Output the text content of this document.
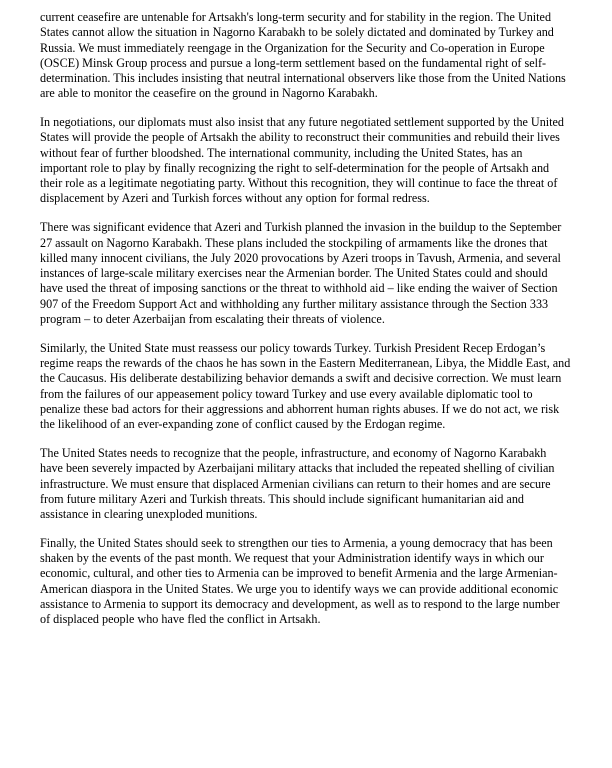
current ceasefire are untenable for Artsakh's long-term security and for stability in the region. The United States cannot allow the situation in Nagorno Karabakh to be solely dictated and dominated by Turkey and Russia. We must immediately reengage in the Organization for the Security and Co-operation in Europe (OSCE) Minsk Group process and pursue a long-term settlement based on the fundamental right of self-determination. This includes insisting that neutral international observers like those from the United Nations are able to monitor the ceasefire on the ground in Nagorno Karabakh.

In negotiations, our diplomats must also insist that any future negotiated settlement supported by the United States will provide the people of Artsakh the ability to reconstruct their communities and rebuild their lives without fear of further bloodshed. The international community, including the United States, has an important role to play by finally recognizing the right to self-determination for the people of Artsakh and their role as a legitimate negotiating party. Without this recognition, they will continue to face the threat of displacement by Azeri and Turkish forces without any option for formal redress.

There was significant evidence that Azeri and Turkish planned the invasion in the buildup to the September 27 assault on Nagorno Karabakh. These plans included the stockpiling of armaments like the drones that killed many innocent civilians, the July 2020 provocations by Azeri troops in Tavush, Armenia, and several instances of large-scale military exercises near the Armenian border. The United States could and should have used the threat of imposing sanctions or the threat to withhold aid – like ending the waiver of Section 907 of the Freedom Support Act and withholding any further military assistance through the Section 333 program – to deter Azerbaijan from escalating their threats of violence.

Similarly, the United State must reassess our policy towards Turkey. Turkish President Recep Erdogan’s regime reaps the rewards of the chaos he has sown in the Eastern Mediterranean, Libya, the Middle East, and the Caucasus. His deliberate destabilizing behavior demands a swift and decisive correction. We must learn from the failures of our appeasement policy toward Turkey and use every available diplomatic tool to penalize these bad actors for their aggressions and abhorrent human rights abuses. If we do not act, we risk the likelihood of an ever-expanding zone of conflict caused by the Erdogan regime.

The United States needs to recognize that the people, infrastructure, and economy of Nagorno Karabakh have been severely impacted by Azerbaijani military attacks that included the repeated shelling of civilian infrastructure. We must ensure that displaced Armenian civilians can return to their homes and are secure from future military Azeri and Turkish threats. This should include significant humanitarian aid and assistance in clearing unexploded munitions.

Finally, the United States should seek to strengthen our ties to Armenia, a young democracy that has been shaken by the events of the past month. We request that your Administration identify ways in which our economic, cultural, and other ties to Armenia can be improved to benefit Armenia and the large Armenian-American diaspora in the United States. We urge you to identify ways we can provide additional economic assistance to Armenia to support its democracy and development, as well as to respond to the large number of displaced people who have fled the conflict in Artsakh.
